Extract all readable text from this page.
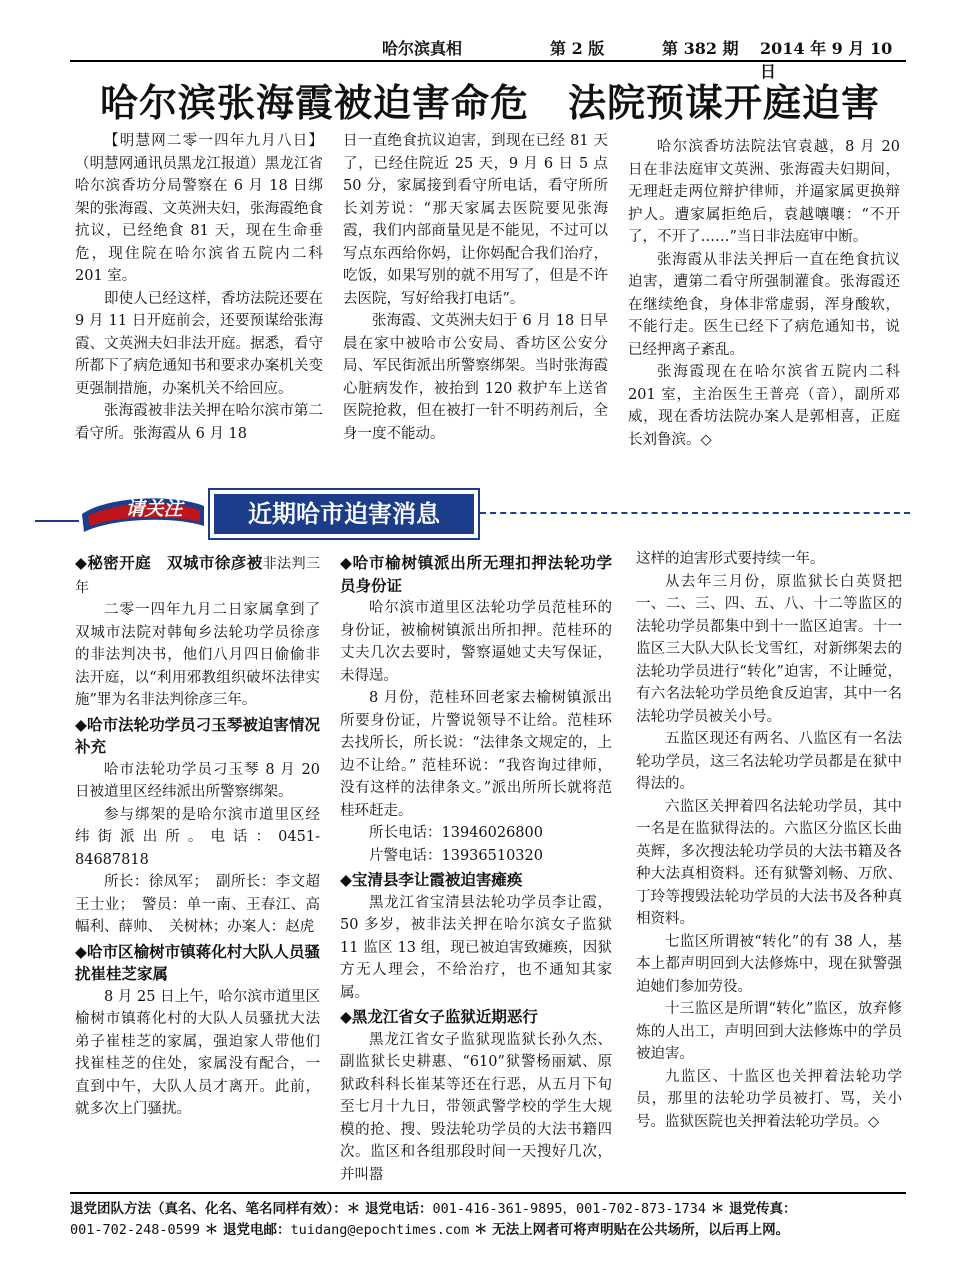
哈尔滨真相	第 2 版	第 382 期 2014 年 9 月 10 日
哈尔滨张海霞被迫害命危　法院预谋开庭迫害

【明慧网二零一四年九月八日】（明慧网通讯员黑龙江报道）黑龙江省哈尔滨香坊分局警察在 6 月 18 日绑架的张海霞、文英洲夫妇，张海霞绝食抗议，已经绝食 81 天，现在生命垂危，现住院在哈尔滨省五院内二科 201 室。

即使人已经这样，香坊法院还要在 9 月 11 日开庭前会，还要预谋给张海霞、文英洲夫妇非法开庭。据悉，看守所都下了病危通知书和要求办案机关变更强制措施，办案机关不给回应。

张海霞被非法关押在哈尔滨市第二看守所。张海霞从 6 月 18

日一直绝食抗议迫害，到现在已经 81 天了，已经住院近 25 天，9 月 6 日 5 点 50 分，家属接到看守所电话，看守所所长刘芳说：“那天家属去医院要见张海霞，我们内部商量见是不能见，不过可以写点东西给你妈，让你妈配合我们治疗，吃饭，如果写别的就不用写了，但是不许去医院，写好给我打电话”。

张海霞、文英洲夫妇于 6 月 18 日早晨在家中被哈市公安局、香坊区公安分局、军民街派出所警察绑架。当时张海霞心脏病发作，被抬到 120 救护车上送省医院抢救，但在被打一针不明药剂后，全身一度不能动。

哈尔滨香坊法院法官袁越，8 月 20 日在非法庭审文英洲、张海霞夫妇期间，无理赶走两位辩护律师，并逼家属更换辩护人。遭家属拒绝后，袁越嚷嚷：“不开了，不开了……”当日非法庭审中断。

张海霞从非法关押后一直在绝食抗议迫害，遭第二看守所强制灌食。张海霞还在继续绝食，身体非常虚弱，浑身酸软，不能行走。医生已经下了病危通知书，说已经押离子紊乱。

张海霞现在在哈尔滨省五院内二科 201 室，主治医生王普亮（音），副所邓威，现在香坊法院办案人是郭相喜，正庭长刘鲁滨。◇

请关注	近期哈市迫害消息
◆秘密开庭　双城市徐彦被非法判三年

二零一四年九月二日家属拿到了双城市法院对韩甸乡法轮功学员徐彦的非法判决书，他们八月四日偷偷非法开庭，以“利用邪教组织破坏法律实施”罪为名非法判徐彦三年。

◆哈市法轮功学员刁玉琴被迫害情况补充

哈市法轮功学员刁玉琴 8 月 20 日被道里区经纬派出所警察绑架。

参与绑架的是哈尔滨市道里区经纬街派出所。电话：0451-84687818

所长：徐凤军；　副所长：李文超　王士业；　警员：单一南、王春江、高幅利、薛帅、　关树林；办案人：赵虎

◆哈市区榆树市镇蒋化村大队人员骚扰崔桂芝家属

8 月 25 日上午，哈尔滨市道里区榆树市镇蒋化村的大队人员骚扰大法弟子崔桂芝的家属，强迫家人带他们找崔桂芝的住处，家属没有配合，一直到中午，大队人员才离开。此前，就多次上门骚扰。

◆哈市榆树镇派出所无理扣押法轮功学员身份证

哈尔滨市道里区法轮功学员范桂环的身份证，被榆树镇派出所扣押。范桂环的丈夫几次去要时，警察逼她丈夫写保证，未得逞。

8 月份，范桂环回老家去榆树镇派出所要身份证，片警说领导不让给。范桂环去找所长，所长说：“法律条文规定的，上边不让给。” 范桂环说：“我咨询过律师，没有这样的法律条文。”派出所所长就将范桂环赶走。

所长电话：13946026800

片警电话：13936510320

◆宝清县李让霞被迫害瘫痪

黑龙江省宝清县法轮功学员李让霞，50 多岁，被非法关押在哈尔滨女子监狱 11 监区 13 组，现已被迫害致瘫痪，因狱方无人理会，不给治疗，也不通知其家属。

◆黑龙江省女子监狱近期恶行

黑龙江省女子监狱现监狱长孙久杰、副监狱长史耕惠、“610”狱警杨丽斌、原狱政科科长崔某等还在行恶，从五月下旬至七月十九日，带领武警学校的学生大规模的抢、搜、毁法轮功学员的大法书籍四次。监区和各组那段时间一天搜好几次，并叫嚣

这样的迫害形式要持续一年。

从去年三月份，原监狱长白英贤把一、二、三、四、五、八、十二等监区的法轮功学员都集中到十一监区迫害。十一监区三大队大队长戈雪红，对新绑架去的法轮功学员进行“转化”迫害，不让睡觉，有六名法轮功学员绝食反迫害，其中一名法轮功学员被关小号。

五监区现还有两名、八监区有一名法轮功学员，这三名法轮功学员都是在狱中得法的。

六监区关押着四名法轮功学员，其中一名是在监狱得法的。六监区分监区长曲英辉，多次搜法轮功学员的大法书籍及各种大法真相资料。还有狱警刘畅、万欣、丁玲等搜毁法轮功学员的大法书及各种真相资料。

七监区所谓被“转化”的有 38 人，基本上都声明回到大法修炼中，现在狱警强迫她们参加劳役。

十三监区是所谓“转化”监区，放弃修炼的人出工，声明回到大法修炼中的学员被迫害。

九监区、十监区也关押着法轮功学员，那里的法轮功学员被打、骂，关小号。监狱医院也关押着法轮功学员。◇

退党团队方法（真名、化名、笔名同样有效）：＊ 退党电话：001-416-361-9895，001-702-873-1734 ＊ 退党传真：
001-702-248-0599 ＊ 退党电邮：tuidang@epochtimes.com ＊ 无法上网者可将声明贴在公共场所，以后再上网。
